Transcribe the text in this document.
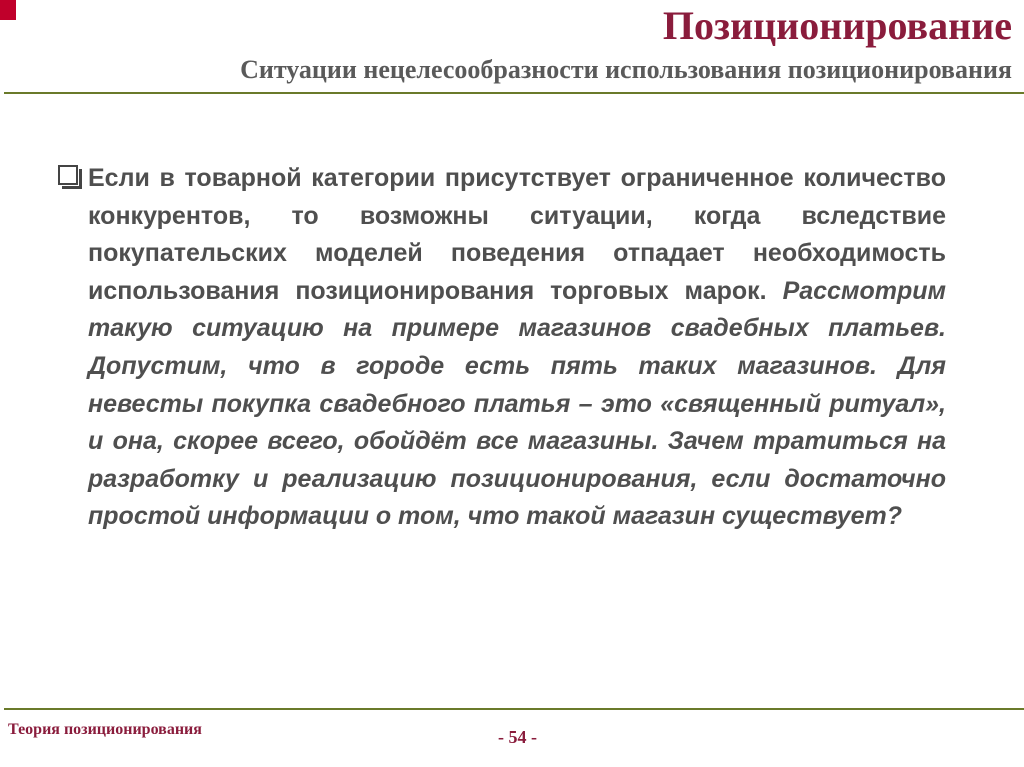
Позиционирование
Ситуации нецелесообразности использования позиционирования

Если в товарной категории присутствует ограниченное количество конкурентов, то возможны ситуации, когда вследствие покупательских моделей поведения отпадает необходимость использования позиционирования торговых марок. Рассмотрим такую ситуацию на примере магазинов свадебных платьев. Допустим, что в городе есть пять таких магазинов. Для невесты покупка свадебного платья – это «священный ритуал», и она, скорее всего, обойдёт все магазины. Зачем тратиться на разработку и реализацию позиционирования, если достаточно простой информации о том, что такой магазин существует?

Теория позиционирования	- 54 -
